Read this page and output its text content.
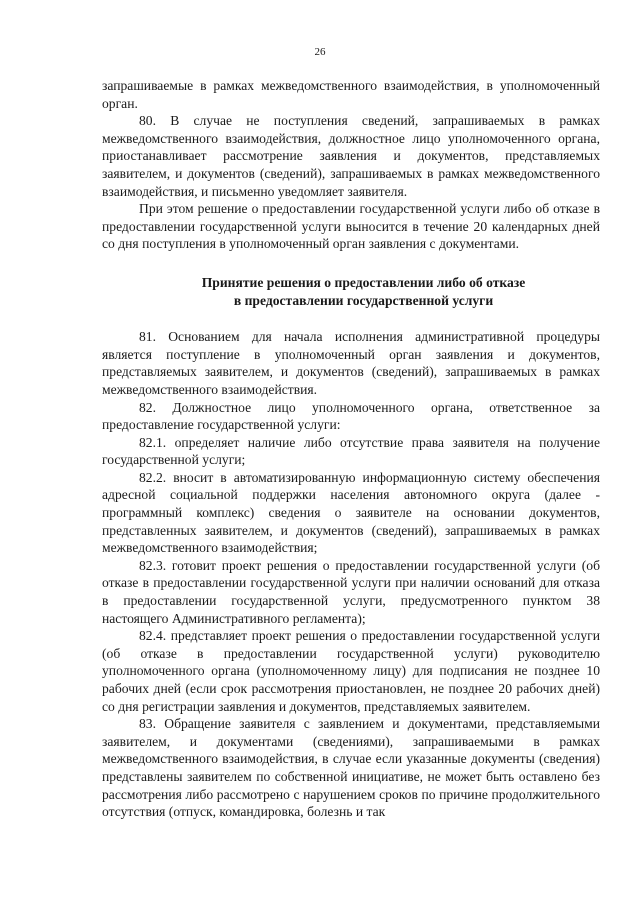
26

запрашиваемые в рамках межведомственного взаимодействия, в уполномоченный орган.

80. В случае не поступления сведений, запрашиваемых в рамках межведомственного взаимодействия, должностное лицо уполномоченного органа, приостанавливает рассмотрение заявления и документов, представляемых заявителем, и документов (сведений), запрашиваемых в рамках межведомственного взаимодействия, и письменно уведомляет заявителя.

При этом решение о предоставлении государственной услуги либо об отказе в предоставлении государственной услуги выносится в течение 20 календарных дней со дня поступления в уполномоченный орган заявления с документами.

Принятие решения о предоставлении либо об отказе
в предоставлении государственной услуги

81. Основанием для начала исполнения административной процедуры является поступление в уполномоченный орган заявления и документов, представляемых заявителем, и документов (сведений), запрашиваемых в рамках межведомственного взаимодействия.

82. Должностное лицо уполномоченного органа, ответственное за предоставление государственной услуги:

82.1. определяет наличие либо отсутствие права заявителя на получение государственной услуги;

82.2. вносит в автоматизированную информационную систему обеспечения адресной социальной поддержки населения автономного округа (далее - программный комплекс) сведения о заявителе на основании документов, представленных заявителем, и документов (сведений), запрашиваемых в рамках межведомственного взаимодействия;

82.3. готовит проект решения о предоставлении государственной услуги (об отказе в предоставлении государственной услуги при наличии оснований для отказа в предоставлении государственной услуги, предусмотренного пунктом 38 настоящего Административного регламента);

82.4. представляет проект решения о предоставлении государственной услуги (об отказе в предоставлении государственной услуги) руководителю уполномоченного органа (уполномоченному лицу) для подписания не позднее 10 рабочих дней (если срок рассмотрения приостановлен, не позднее 20 рабочих дней) со дня регистрации заявления и документов, представляемых заявителем.

83. Обращение заявителя с заявлением и документами, представляемыми заявителем, и документами (сведениями), запрашиваемыми в рамках межведомственного взаимодействия, в случае если указанные документы (сведения) представлены заявителем по собственной инициативе, не может быть оставлено без рассмотрения либо рассмотрено с нарушением сроков по причине продолжительного отсутствия (отпуск, командировка, болезнь и так
